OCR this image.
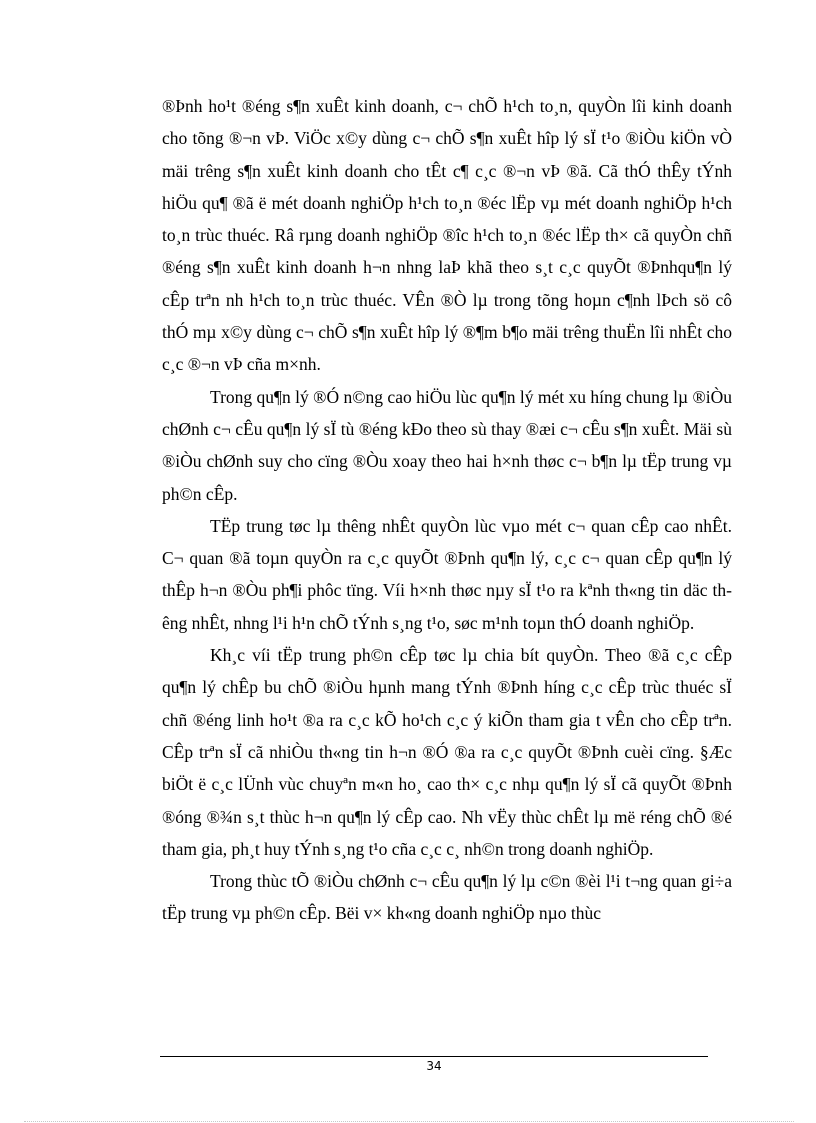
®Þnh ho¹t ®éng s¶n xuÊt kinh doanh, c¬ chÕ h¹ch to¸n, quyÒn lîi kinh doanh cho tõng ®¬n vÞ. ViÖc x©y dùng c¬ chÕ s¶n xuÊt hîp lý sÏ t¹o ®iÒu kiÖn vÒ mäi trêng s¶n xuÊt kinh doanh cho tÊt c¶ c¸c ®¬n vÞ ®ã. Cã thÓ thÊy tÝnh hiÖu qu¶ ®ã ë mét doanh nghiÖp h¹ch to¸n ®éc lËp vµ mét doanh nghiÖp h¹ch to¸n trùc thuéc. Râ rµng doanh nghiÖp ®îc h¹ch to¸n ®éc lËp th× cã quyÒn chñ ®éng s¶n xuÊt kinh doanh h¬n nhng laÞ khã theo s¸t c¸c quyÕt ®Þnhqu¶n lý cÊp trªn nh h¹ch to¸n trùc thuéc. VÊn ®Ò lµ trong tõng hoµn c¶nh lÞch sö cô thÓ mµ x©y dùng c¬ chÕ s¶n xuÊt hîp lý ®¶m b¶o mäi trêng thuËn lîi nhÊt cho c¸c ®¬n vÞ cña m×nh.

Trong qu¶n lý ®Ó n©ng cao hiÖu lùc qu¶n lý mét xu híng chung lµ ®iÒu chØnh c¬ cÊu qu¶n lý sÏ tù ®éng kÐo theo sù thay ®æi c¬ cÊu s¶n xuÊt. Mäi sù ®iÒu chØnh suy cho cïng ®Òu xoay theo hai h×nh thøc c¬ b¶n lµ tËp trung vµ ph©n cÊp.

TËp trung tøc lµ thêng nhÊt quyÒn lùc vµo mét c¬ quan cÊp cao nhÊt. C¬ quan ®ã toµn quyÒn ra c¸c quyÕt ®Þnh qu¶n lý, c¸c c¬ quan cÊp qu¶n lý thÊp h¬n ®Òu ph¶i phôc tïng. Víi h×nh thøc nµy sÏ t¹o ra kªnh th«ng tin däc thêng nhÊt, nhng l¹i h¹n chÕ tÝnh s¸ng t¹o, søc m¹nh toµn thÓ doanh nghiÖp.

Kh¸c víi tËp trung ph©n cÊp tøc lµ chia bít quyÒn. Theo ®ã c¸c cÊp qu¶n lý chÊp bu chÕ ®iÒu hµnh mang tÝnh ®Þnh híng c¸c cÊp trùc thuéc sÏ chñ ®éng linh ho¹t ®a ra c¸c kÕ ho¹ch c¸c ý kiÕn tham gia t vÊn cho cÊp trªn. CÊp trªn sÏ cã nhiÒu th«ng tin h¬n ®Ó ®a ra c¸c quyÕt ®Þnh cuèi cïng. §Æc biÖt ë c¸c lÜnh vùc chuyªn m«n ho¸ cao th× c¸c nhµ qu¶n lý sÏ cã quyÕt ®Þnh ®óng ®¾n s¸t thùc h¬n qu¶n lý cÊp cao. Nh vËy thùc chÊt lµ më réng chÕ ®é tham gia, ph¸t huy tÝnh s¸ng t¹o cña c¸c c¸ nh©n trong doanh nghiÖp.

Trong thùc tÕ ®iÒu chØnh c¬ cÊu qu¶n lý lµ c©n ®èi l¹i t¬ng quan gi÷a tËp trung vµ ph©n cÊp. Bëi v× kh«ng doanh nghiÖp nµo thùc

34
